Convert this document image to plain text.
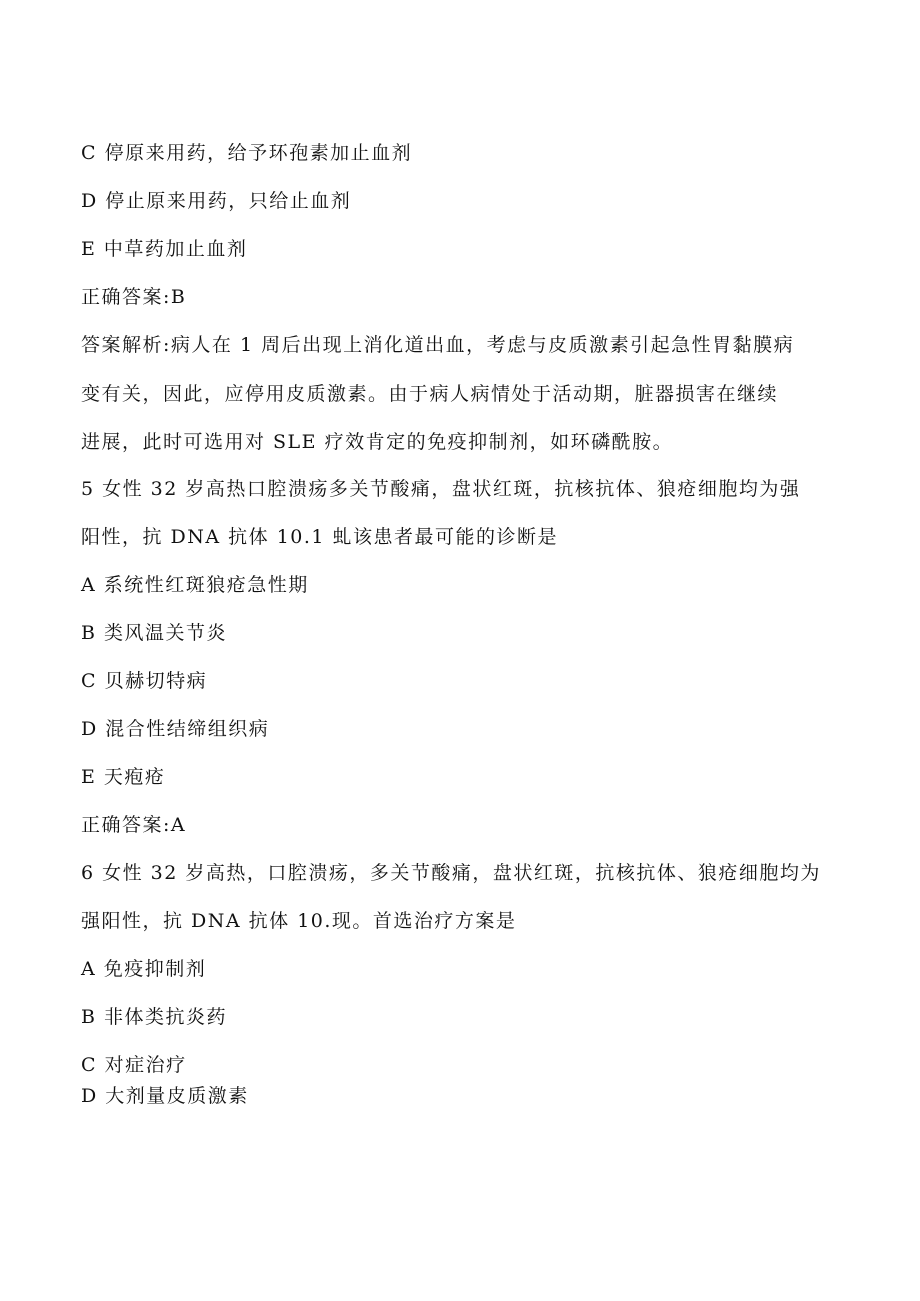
C 停原来用药，给予环孢素加止血剂
D 停止原来用药，只给止血剂
E 中草药加止血剂
正确答案:B
答案解析:病人在 1 周后出现上消化道出血，考虑与皮质激素引起急性胃黏膜病
变有关，因此，应停用皮质激素。由于病人病情处于活动期，脏器损害在继续
进展，此时可选用对 SLE 疗效肯定的免疫抑制剂，如环磷酰胺。
5 女性 32 岁高热口腔溃疡多关节酸痛，盘状红斑，抗核抗体、狼疮细胞均为强
阳性，抗 DNA 抗体 10.1 虬该患者最可能的诊断是
A 系统性红斑狼疮急性期
B 类风温关节炎
C 贝赫切特病
D 混合性结缔组织病
E 天疱疮
正确答案:A
6 女性 32 岁高热，口腔溃疡，多关节酸痛，盘状红斑，抗核抗体、狼疮细胞均为
强阳性，抗 DNA 抗体 10.现。首选治疗方案是
A 免疫抑制剂
B 非体类抗炎药
C 对症治疗
D 大剂量皮质激素
